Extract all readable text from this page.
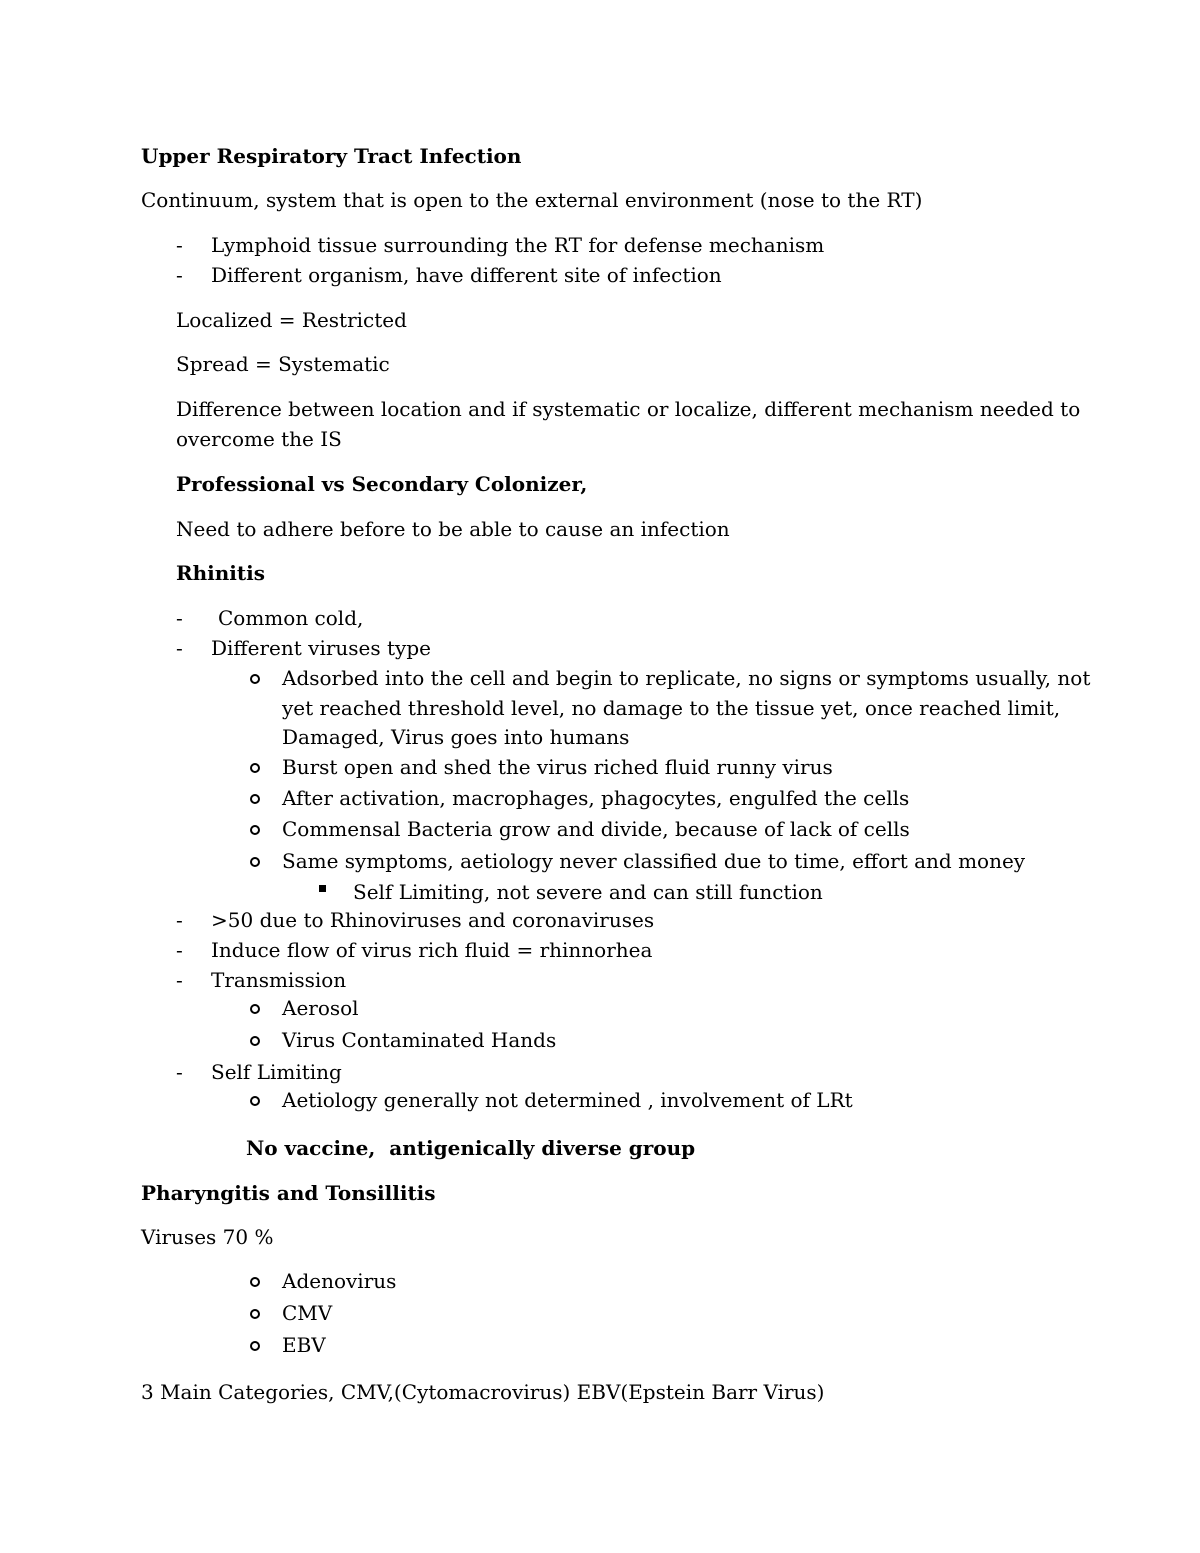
Upper Respiratory Tract Infection
Continuum, system that is open to the external environment (nose to the RT)
- Lymphoid tissue surrounding the RT for defense mechanism
- Different organism, have different site of infection
Localized = Restricted
Spread = Systematic
Difference between location and if systematic or localize, different mechanism needed to
overcome the IS
Professional vs Secondary Colonizer,
Need to adhere before to be able to cause an infection
Rhinitis
- Common cold,
- Different viruses type
Adsorbed into the cell and begin to replicate, no signs or symptoms usually, not
yet reached threshold level, no damage to the tissue yet, once reached limit,
Damaged, Virus goes into humans
Burst open and shed the virus riched fluid runny virus
After activation, macrophages, phagocytes, engulfed the cells
Commensal Bacteria grow and divide, because of lack of cells
Same symptoms, aetiology never classified due to time, effort and money
Self Limiting, not severe and can still function
- >50 due to Rhinoviruses and coronaviruses
- Induce flow of virus rich fluid = rhinnorhea
- Transmission
Aerosol
Virus Contaminated Hands
- Self Limiting
Aetiology generally not determined , involvement of LRt
No vaccine,  antigenically diverse group
Pharyngitis and Tonsillitis
Viruses 70 %
Adenovirus
CMV
EBV
3 Main Categories, CMV,(Cytomacrovirus) EBV(Epstein Barr Virus)
